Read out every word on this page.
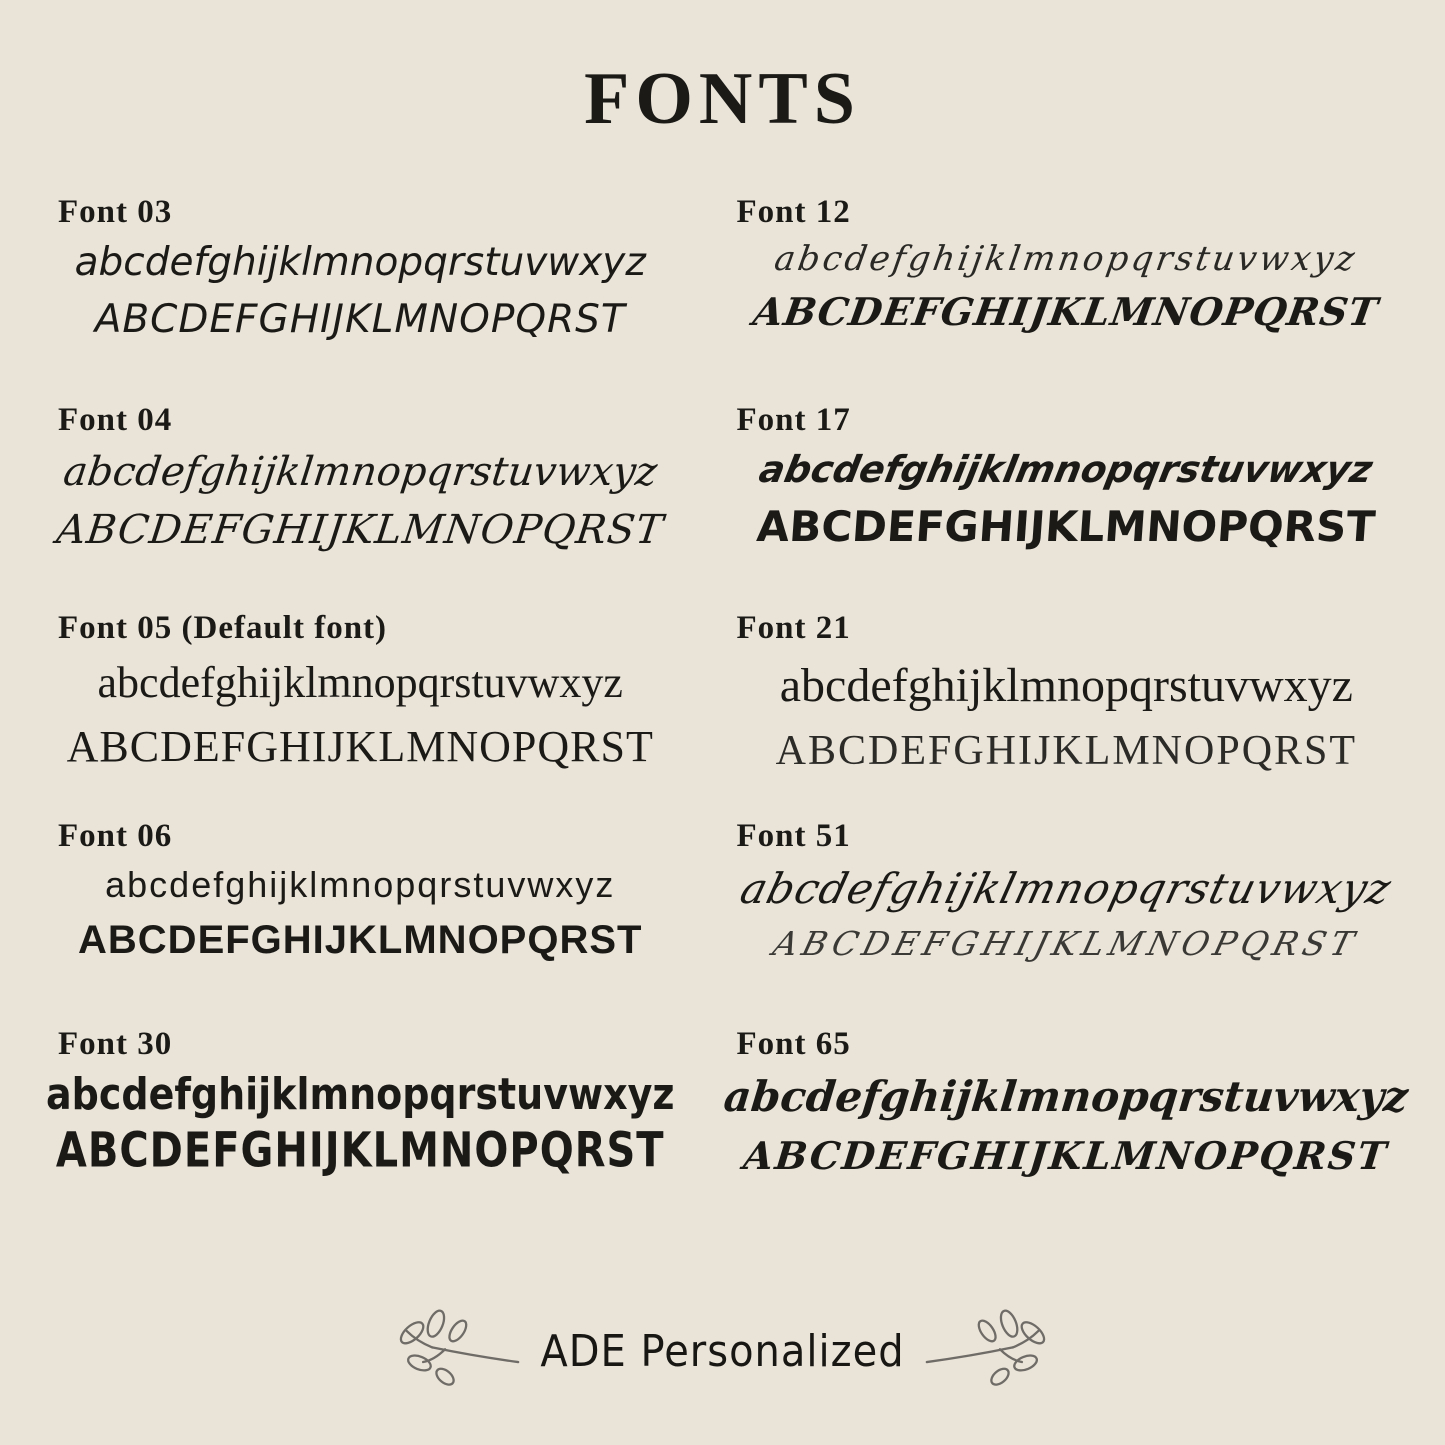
FONTS
Font 03
abcdefghijklmnopqrstuvwxyz
ABCDEFGHIJKLMNOPQRST
Font 04
abcdefghijklmnopqrstuvwxyz
ABCDEFGHIJKLMNOPQRST
Font 05 (Default font)
abcdefghijklmnopqrstuvwxyz
ABCDEFGHIJKLMNOPQRST
Font 06
abcdefghijklmnopqrstuvwxyz
ABCDEFGHIJKLMNOPQRST
Font 30
abcdefghijklmnopqrstuvwxyz
ABCDEFGHIJKLMNOPQRST
Font 12
abcdefghijklmnopqrstuvwxyz
ABCDEFGHIJKLMNOPQRST
Font 17
abcdefghijklmnopqrstuvwxyz
ABCDEFGHIJKLMNOPQRST
Font 21
abcdefghijklmnopqrstuvwxyz
ABCDEFGHIJKLMNOPQRST
Font 51
abcdefghijklmnopqrstuvwxyz
ABCDEFGHIJKLMNOPQRST
Font 65
abcdefghijklmnopqrstuvwxyz
ABCDEFGHIJKLMNOPQRST
ADE Personalized
